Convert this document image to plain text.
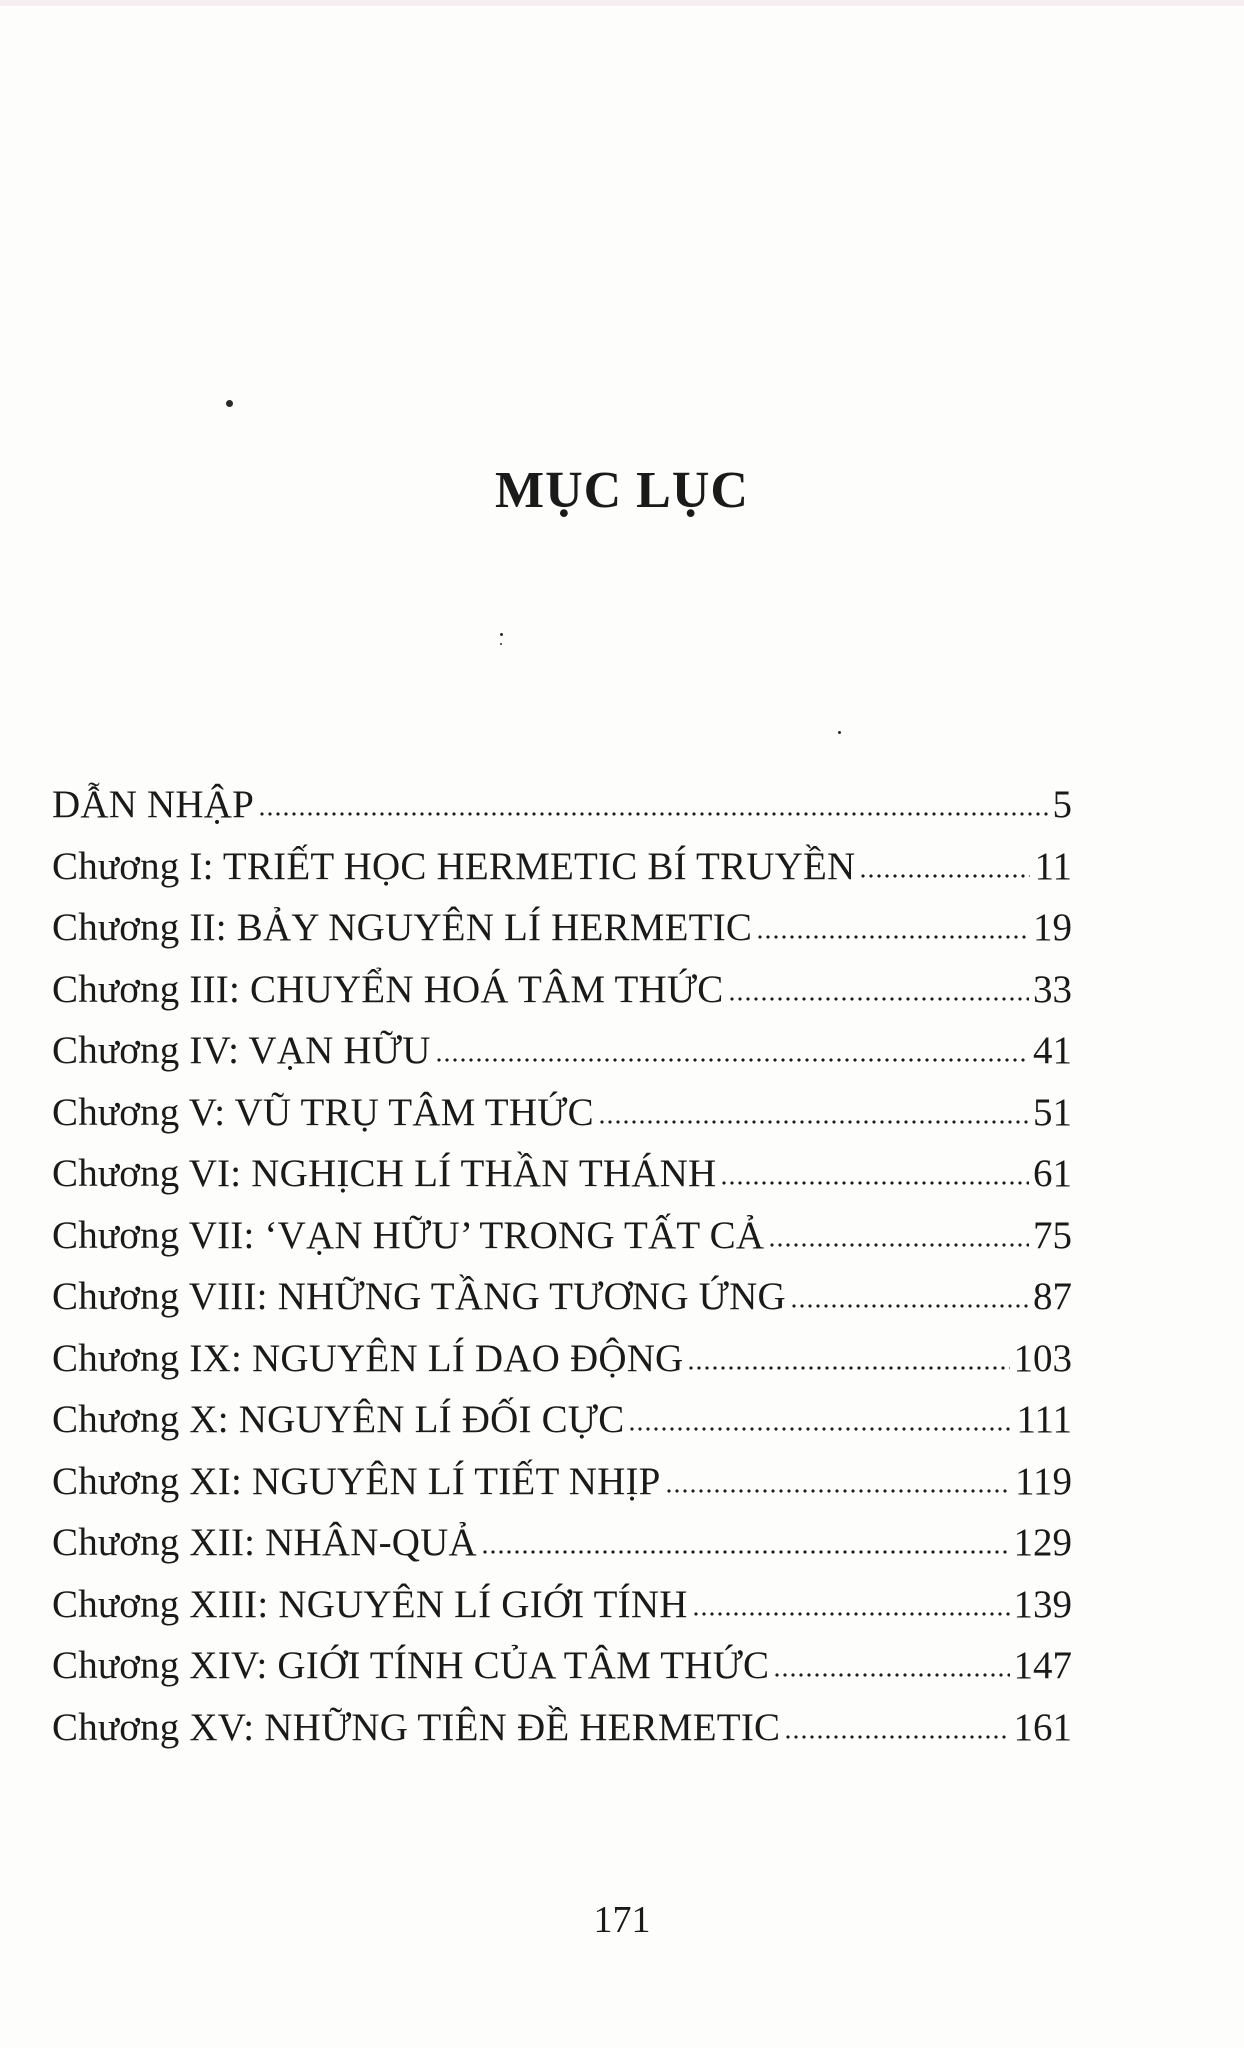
MỤC LỤC
DẪN NHẬP	5
Chương I: TRIẾT HỌC HERMETIC BÍ TRUYỀN	11
Chương II: BẢY NGUYÊN LÍ HERMETIC	19
Chương III: CHUYỂN HOÁ TÂM THỨC	33
Chương IV: VẠN HỮU	41
Chương V: VŨ TRỤ TÂM THỨC	51
Chương VI: NGHỊCH LÍ THẦN THÁNH	61
Chương VII: ‘VẠN HỮU’ TRONG TẤT CẢ	75
Chương VIII: NHỮNG TẦNG TƯƠNG ỨNG	87
Chương IX: NGUYÊN LÍ DAO ĐỘNG	103
Chương X: NGUYÊN LÍ ĐỐI CỰC	111
Chương XI: NGUYÊN LÍ TIẾT NHỊP	119
Chương XII: NHÂN-QUẢ	129
Chương XIII: NGUYÊN LÍ GIỚI TÍNH	139
Chương XIV: GIỚI TÍNH CỦA TÂM THỨC	147
Chương XV: NHỮNG TIÊN ĐỀ HERMETIC	161
171
